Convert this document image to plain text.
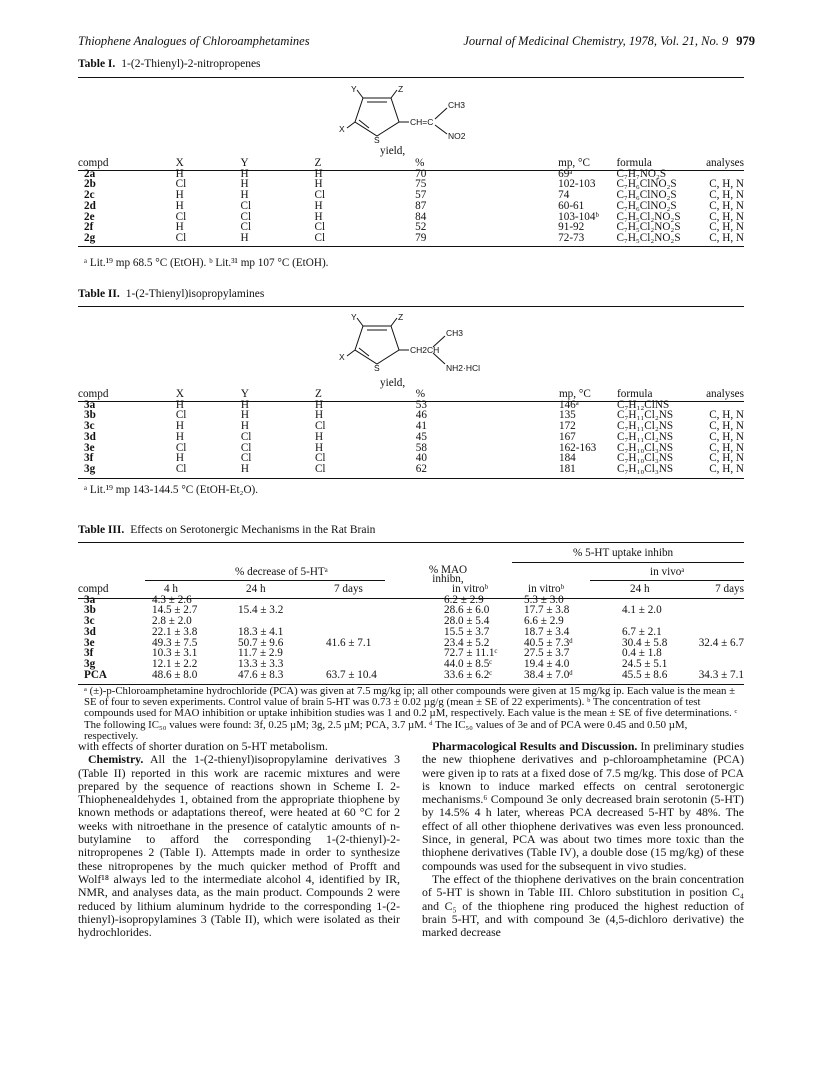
Thiophene Analogues of Chloroamphetamines	Journal of Medicinal Chemistry, 1978, Vol. 21, No. 9 979
Table I. 1-(2-Thienyl)-2-nitropropenes
Y	Z
X
S
CH=C
CH3
NO2
yield,
compd	X	Y	Z	%	mp, °C	formula	analyses
2a	H	H	H	70	69ᵃ	C₇H₇NO₂S	
2b	Cl	H	H	75	102-103	C₇H₆ClNO₂S	C, H, N
2c	H	H	Cl	57	74	C₇H₆ClNO₂S	C, H, N
2d	H	Cl	H	87	60-61	C₇H₆ClNO₂S	C, H, N
2e	Cl	Cl	H	84	103-104ᵇ	C₇H₅Cl₂NO₂S	C, H, N
2f	H	Cl	Cl	52	91-92	C₇H₅Cl₂NO₂S	C, H, N
2g	Cl	H	Cl	79	72-73	C₇H₅Cl₂NO₂S	C, H, N
ᵃ Lit.¹⁹ mp 68.5 °C (EtOH). ᵇ Lit.³¹ mp 107 °C (EtOH).
Table II. 1-(2-Thienyl)isopropylamines
Y	Z
X
S
CH2CH
CH3
NH2·HCl
yield,
compd	X	Y	Z	%	mp, °C	formula	analyses
3a	H	H	H	53	146ᵃ	C₇H₁₂ClNS	
3b	Cl	H	H	46	135	C₇H₁₁Cl₂NS	C, H, N
3c	H	H	Cl	41	172	C₇H₁₁Cl₂NS	C, H, N
3d	H	Cl	H	45	167	C₇H₁₁Cl₂NS	C, H, N
3e	Cl	Cl	H	58	162-163	C₇H₁₀Cl₃NS	C, H, N
3f	H	Cl	Cl	40	184	C₇H₁₀Cl₃NS	C, H, N
3g	Cl	H	Cl	62	181	C₇H₁₀Cl₃NS	C, H, N
ᵃ Lit.¹⁹ mp 143-144.5 °C (EtOH-Et₂O).
Table III. Effects on Serotonergic Mechanisms in the Rat Brain
% 5-HT uptake inhibn
% decrease of 5-HTᵃ	% MAO inhibn,
in vivoᵃ
compd	4 h	24 h	7 days	in vitroᵇ	in vitroᵇ	24 h	7 days
3a	4.3 ± 2.6			6.2 ± 2.9	5.3 ± 3.0		
3b	14.5 ± 2.7	15.4 ± 3.2		28.6 ± 6.0	17.7 ± 3.8	4.1 ± 2.0	
3c	2.8 ± 2.0			28.0 ± 5.4	6.6 ± 2.9		
3d	22.1 ± 3.8	18.3 ± 4.1		15.5 ± 3.7	18.7 ± 3.4	6.7 ± 2.1	
3e	49.3 ± 7.5	50.7 ± 9.6	41.6 ± 7.1	23.4 ± 5.2	40.5 ± 7.3ᵈ	30.4 ± 5.8	32.4 ± 6.7
3f	10.3 ± 3.1	11.7 ± 2.9		72.7 ± 11.1ᶜ	27.5 ± 3.7	0.4 ± 1.8	
3g	12.1 ± 2.2	13.3 ± 3.3		44.0 ± 8.5ᶜ	19.4 ± 4.0	24.5 ± 5.1	
PCA	48.6 ± 8.0	47.6 ± 8.3	63.7 ± 10.4	33.6 ± 6.2ᶜ	38.4 ± 7.0ᵈ	45.5 ± 8.6	34.3 ± 7.1
ᵃ (±)-p-Chloroamphetamine hydrochloride (PCA) was given at 7.5 mg/kg ip; all other compounds were given at 15 mg/kg ip. Each value is the mean ± SE of four to seven experiments. Control value of brain 5-HT was 0.73 ± 0.02 µg/g (mean ± SE of 22 experiments). ᵇ The concentration of test compounds used for MAO inhibition or uptake inhibition studies was 1 and 0.2 µM, respectively. Each value is the mean ± SE of five determinations. ᶜ The following IC₅₀ values were found: 3f, 0.25 µM; 3g, 2.5 µM; PCA, 3.7 µM. ᵈ The IC₅₀ values of 3e and of PCA were 0.45 and 0.50 µM, respectively.

with effects of shorter duration on 5-HT metabolism.

Chemistry. All the 1-(2-thienyl)isopropylamine derivatives 3 (Table II) reported in this work are racemic mixtures and were prepared by the sequence of reactions shown in Scheme I. 2-Thiophenealdehydes 1, obtained from the appropriate thiophene by known methods or adaptations thereof, were heated at 60 °C for 2 weeks with nitroethane in the presence of catalytic amounts of n-butylamine to afford the corresponding 1-(2-thienyl)-2-nitropropenes 2 (Table I). Attempts made in order to synthesize these nitropropenes by the much quicker method of Profft and Wolf¹⁸ always led to the intermediate alcohol 4, identified by IR, NMR, and analyses data, as the main product. Compounds 2 were reduced by lithium aluminum hydride to the corresponding 1-(2-thienyl)-isopropylamines 3 (Table II), which were isolated as their hydrochlorides.

Pharmacological Results and Discussion. In preliminary studies the new thiophene derivatives and p-chloroamphetamine (PCA) were given ip to rats at a fixed dose of 7.5 mg/kg. This dose of PCA is known to induce marked effects on central serotonergic mechanisms.⁶ Compound 3e only decreased brain serotonin (5-HT) by 14.5% 4 h later, whereas PCA decreased 5-HT by 48%. The effect of all other thiophene derivatives was even less pronounced. Since, in general, PCA was about two times more toxic than the thiophene derivatives (Table IV), a double dose (15 mg/kg) of these compounds was used for the subsequent in vivo studies.

The effect of the thiophene derivatives on the brain concentration of 5-HT is shown in Table III. Chloro substitution in position C₄ and C₅ of the thiophene ring produced the highest reduction of brain 5-HT, and with compound 3e (4,5-dichloro derivative) the marked decrease
